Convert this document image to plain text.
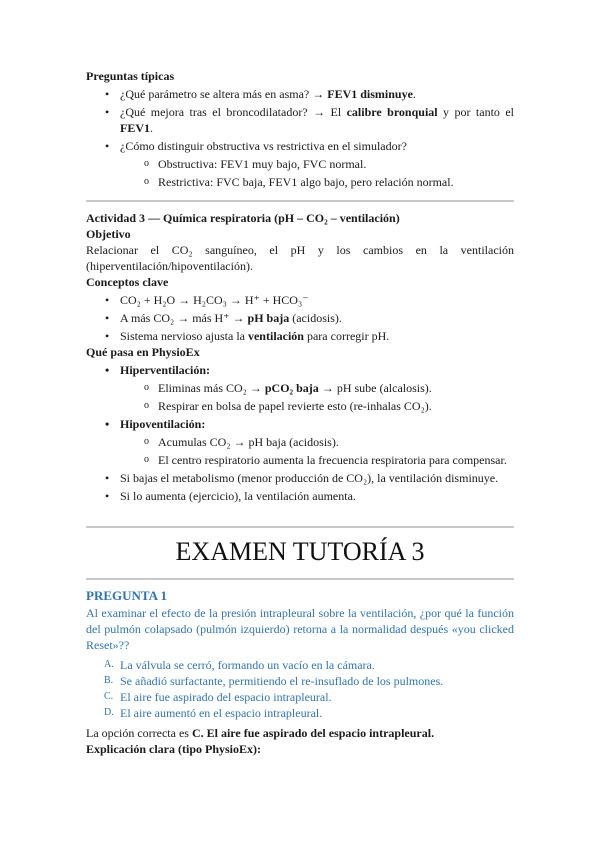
Preguntas típicas

• ¿Qué parámetro se altera más en asma? → FEV1 disminuye.
• ¿Qué mejora tras el broncodilatador? → El calibre bronquial y por tanto el FEV1.
• ¿Cómo distinguir obstructiva vs restrictiva en el simulador?
o Obstructiva: FEV1 muy bajo, FVC normal.
o Restrictiva: FVC baja, FEV1 algo bajo, pero relación normal.

Actividad 3 — Química respiratoria (pH – CO₂ – ventilación)

Objetivo

Relacionar el CO₂ sanguíneo, el pH y los cambios en la ventilación (hiperventilación/hipoventilación).

Conceptos clave

• CO₂ + H₂O → H₂CO₃ → H⁺ + HCO₃⁻
• A más CO₂ → más H⁺ → pH baja (acidosis).
• Sistema nervioso ajusta la ventilación para corregir pH.

Qué pasa en PhysioEx

• Hiperventilación:
o Eliminas más CO₂ → pCO₂ baja → pH sube (alcalosis).
o Respirar en bolsa de papel revierte esto (re-inhalas CO₂).
• Hipoventilación:
o Acumulas CO₂ → pH baja (acidosis).
o El centro respiratorio aumenta la frecuencia respiratoria para compensar.
• Si bajas el metabolismo (menor producción de CO₂), la ventilación disminuye.
• Si lo aumenta (ejercicio), la ventilación aumenta.

EXAMEN TUTORÍA 3

PREGUNTA 1

Al examinar el efecto de la presión intrapleural sobre la ventilación, ¿por qué la función del pulmón colapsado (pulmón izquierdo) retorna a la normalidad después «you clicked Reset»??

A. La válvula se cerró, formando un vacío en la cámara.
B. Se añadió surfactante, permitiendo el re-insuflado de los pulmones.
C. El aire fue aspirado del espacio intrapleural.
D. El aire aumentó en el espacio intrapleural.

La opción correcta es C. El aire fue aspirado del espacio intrapleural.

Explicación clara (tipo PhysioEx):
